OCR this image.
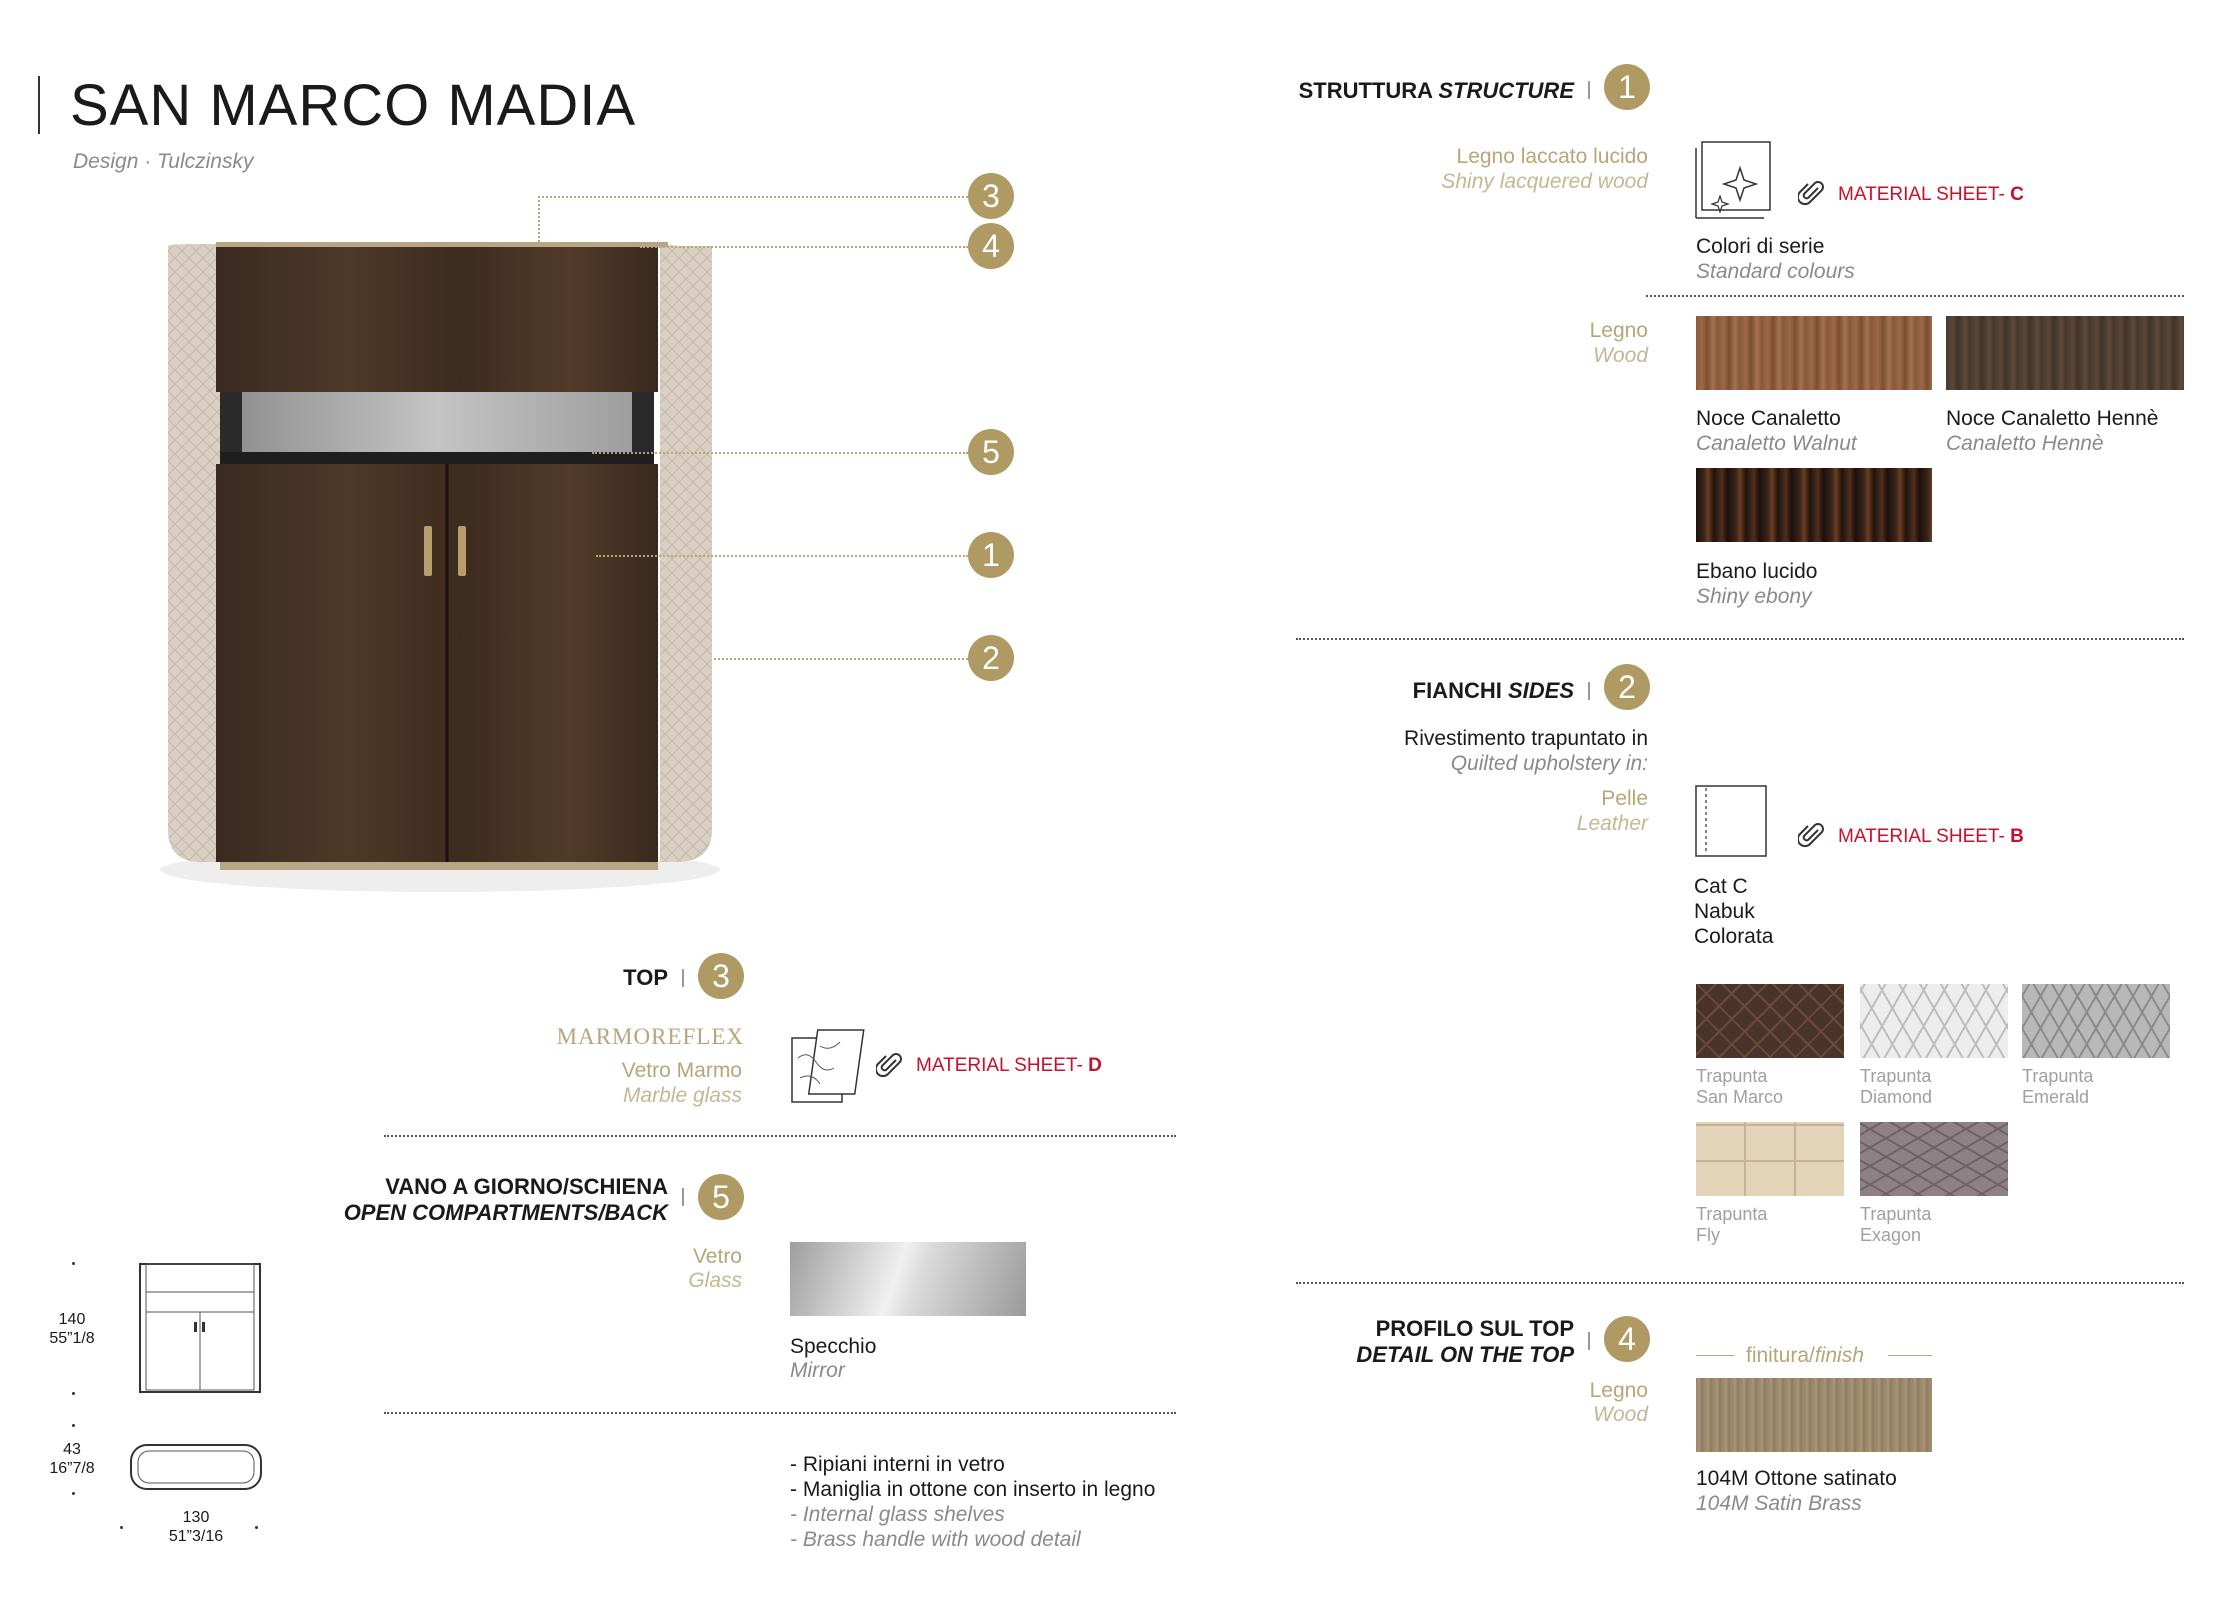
SAN MARCO MADIA
Design · Tulczinsky
3
4
5
1
2
140
55”1/8
43
16”7/8
130
51”3/16
TOP	3
MARMOREFLEX
Vetro Marmo
Marble glass
MATERIAL SHEET- D
VANO A GIORNO/SCHIENA
OPEN COMPARTMENTS/BACK	5
Vetro
Glass
Specchio
Mirror
- Ripiani interni in vetro
- Maniglia in ottone con inserto in legno
- Internal glass shelves
- Brass handle with wood detail
STRUTTURA STRUCTURE	1
Legno laccato lucido
Shiny lacquered wood
MATERIAL SHEET- C
Colori di serie
Standard colours
Legno
Wood
Noce Canaletto
Canaletto Walnut
Noce Canaletto Hennè
Canaletto Hennè
Ebano lucido
Shiny ebony
FIANCHI SIDES	2
Rivestimento trapuntato in
Quilted upholstery in:
Pelle
Leather
MATERIAL SHEET- B
Cat C
Nabuk
Colorata
Trapunta
San Marco
Trapunta
Diamond
Trapunta
Emerald
Trapunta
Fly
Trapunta
Exagon
PROFILO SUL TOP
DETAIL ON THE TOP	4
Legno
Wood
finitura/finish
104M Ottone satinato
104M Satin Brass
